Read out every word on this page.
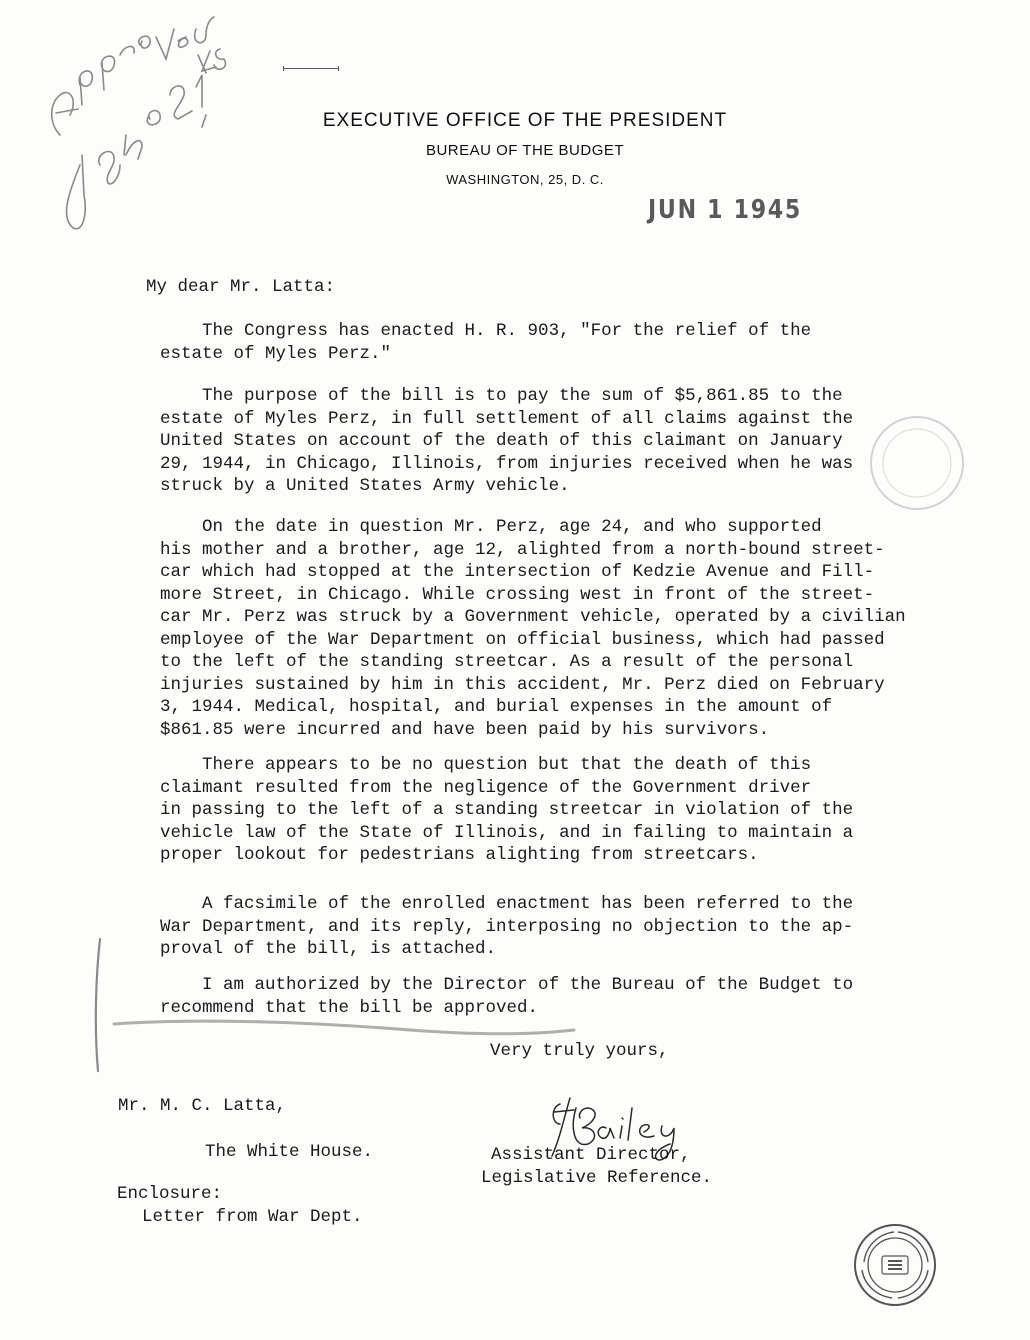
EXECUTIVE OFFICE OF THE PRESIDENT
BUREAU OF THE BUDGET
WASHINGTON, 25, D. C.
JUN 1 1945
My dear Mr. Latta:
The Congress has enacted H. R. 903, "For the relief of the
estate of Myles Perz."
The purpose of the bill is to pay the sum of $5,861.85 to the
estate of Myles Perz, in full settlement of all claims against the
United States on account of the death of this claimant on January
29, 1944, in Chicago, Illinois, from injuries received when he was
struck by a United States Army vehicle.
On the date in question Mr. Perz, age 24, and who supported
his mother and a brother, age 12, alighted from a north-bound street-
car which had stopped at the intersection of Kedzie Avenue and Fill-
more Street, in Chicago. While crossing west in front of the street-
car Mr. Perz was struck by a Government vehicle, operated by a civilian
employee of the War Department on official business, which had passed
to the left of the standing streetcar. As a result of the personal
injuries sustained by him in this accident, Mr. Perz died on February
3, 1944. Medical, hospital, and burial expenses in the amount of
$861.85 were incurred and have been paid by his survivors.
There appears to be no question but that the death of this
claimant resulted from the negligence of the Government driver
in passing to the left of a standing streetcar in violation of the
vehicle law of the State of Illinois, and in failing to maintain a
proper lookout for pedestrians alighting from streetcars.
A facsimile of the enrolled enactment has been referred to the
War Department, and its reply, interposing no objection to the ap-
proval of the bill, is attached.
I am authorized by the Director of the Bureau of the Budget to
recommend that the bill be approved.
Very truly yours,
Mr. M. C. Latta,
The White House.	Assistant Director,
Legislative Reference.
Enclosure:
Letter from War Dept.
